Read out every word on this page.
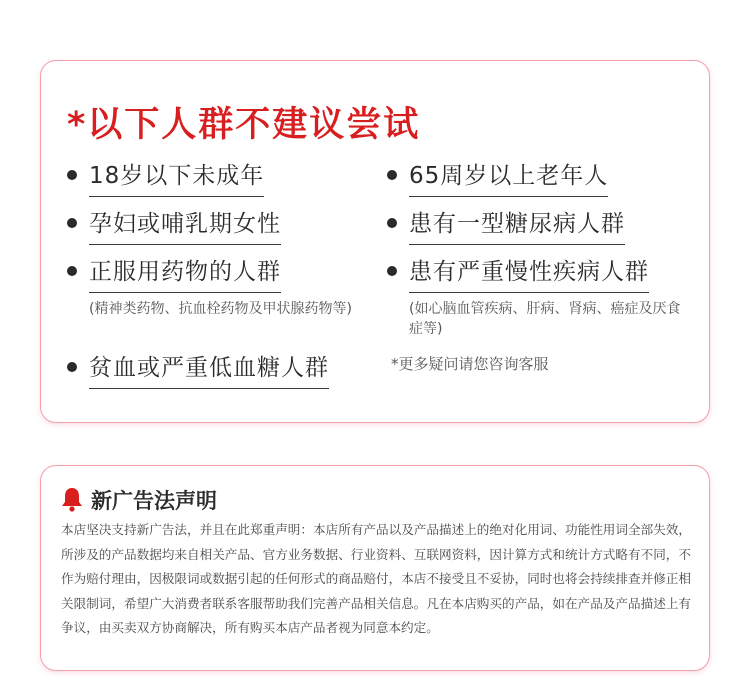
*以下人群不建议尝试
18岁以下未成年
孕妇或哺乳期女性
正服用药物的人群
(精神类药物、抗血栓药物及甲状腺药物等)
贫血或严重低血糖人群
65周岁以上老年人
患有一型糖尿病人群
患有严重慢性疾病人群
(如心脑血管疾病、肝病、肾病、癌症及厌食症等)
*更多疑问请您咨询客服
新广告法声明
本店坚决支持新广告法，并且在此郑重声明：本店所有产品以及产品描述上的绝对化用词、功能性用词全部失效，所涉及的产品数据均来自相关产品、官方业务数据、行业资料、互联网资料，因计算方式和统计方式略有不同，不作为赔付理由，因极限词或数据引起的任何形式的商品赔付，本店不接受且不妥协，同时也将会持续排查并修正相关限制词，希望广大消费者联系客服帮助我们完善产品相关信息。凡在本店购买的产品，如在产品及产品描述上有争议，由买卖双方协商解决，所有购买本店产品者视为同意本约定。
